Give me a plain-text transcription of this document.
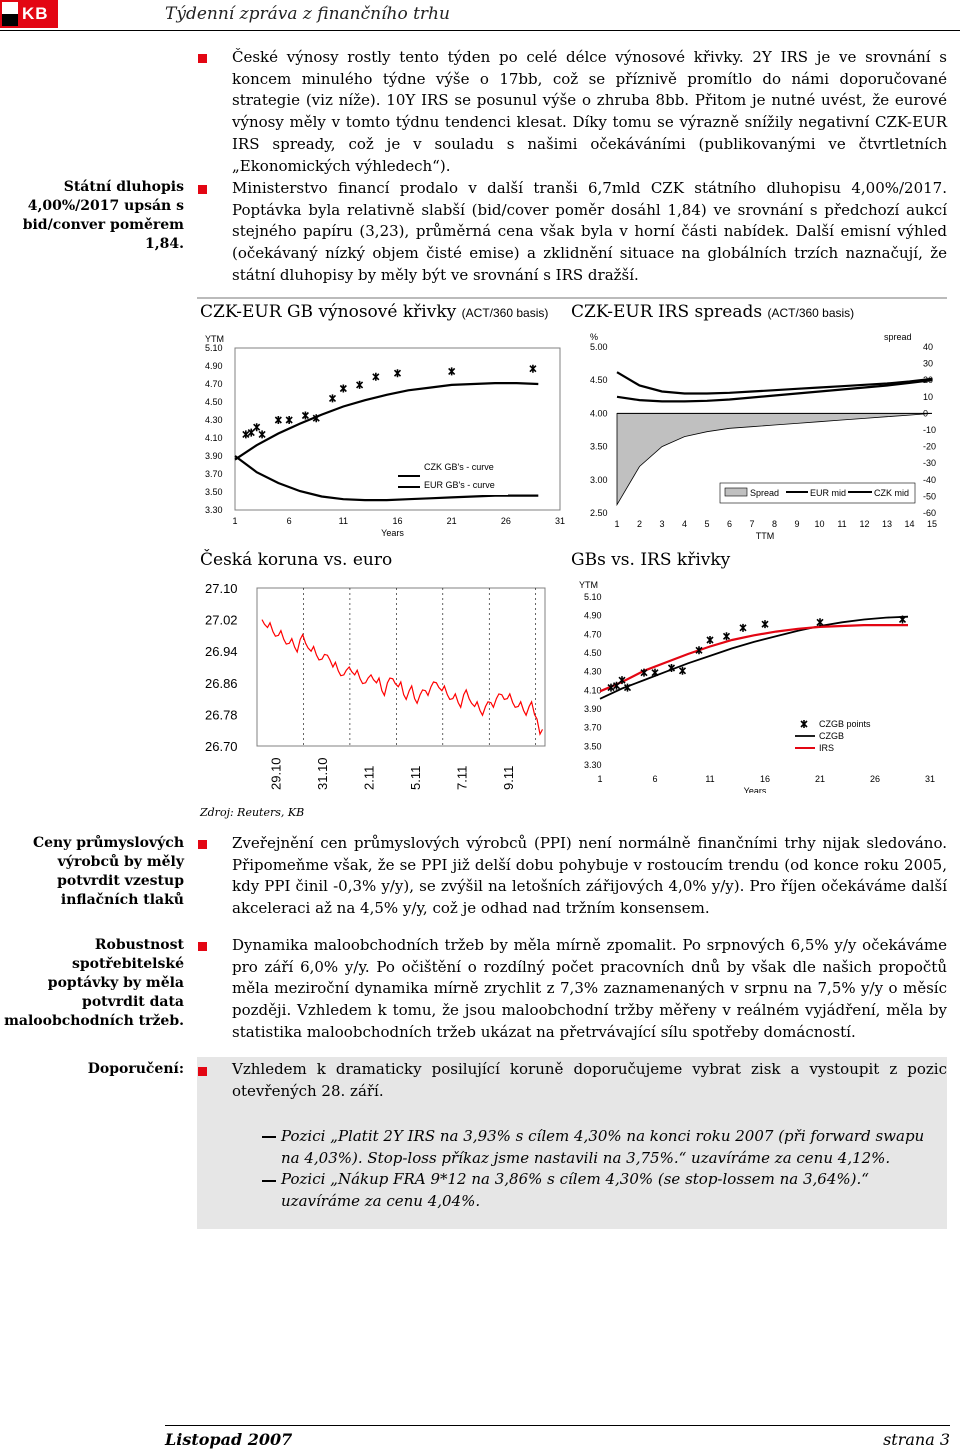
KB	Týdenní zpráva z finančního trhu
České výnosy rostly tento týden po celé délce výnosové křivky. 2Y IRS je ve srovnání s koncem minulého týdne výše o 17bb, což se příznivě promítlo do námi doporučované strategie (viz níže). 10Y IRS se posunul výše o zhruba 8bb. Přitom je nutné uvést, že eurové výnosy měly v tomto týdnu tendenci klesat. Díky tomu se výrazně snížily negativní CZK-EUR IRS spready, což je v souladu s našimi očekáváními (publikovanými ve čtvrtletních „Ekonomických výhledech“).
Státní dluhopis 4,00%/2017 upsán s bid/conver poměrem 1,84.
Ministerstvo financí prodalo v další tranši 6,7mld CZK státního dluhopisu 4,00%/2017. Poptávka byla relativně slabší (bid/cover poměr dosáhl 1,84) ve srovnání s předchozí aukcí stejného papíru (3,23), průměrná cena však byla v horní části nabídek. Další emisní výhled (očekávaný nízký objem čisté emise) a zklidnění situace na globálních trzích naznačují, že státní dluhopisy by měly být ve srovnání s IRS dražší.
CZK-EUR GB výnosové křivky (ACT/360 basis) CZK-EUR IRS spreads (ACT/360 basis)
YTM
5.10
4.90
4.70
4.50
4.30
4.10
3.90
3.70
3.50
3.30
1	6	11	16	21	26	31
Years
CZK GB's - curve
EUR GB's - curve
%	spread
5.00
4.50
4.00
3.50
3.00
2.50
40
30
20
10
-10
-20
-30
-40
-50
-60
1 2 3 4 5 6 7 8 9 10 11 12 13 14 15
TTM
Spread	EUR mid	CZK mid
Česká koruna vs. euro	GBs vs. IRS křivky
27.10
27.02
26.94
26.86
26.78
26.70
29.10 31.10 2.11 5.11 7.11 9.11
YTM
5.10
4.90
4.70
4.50
4.30
4.10
3.90
3.70
3.50
3.30
1	6	11	16	21	26	31
Years
CZGB points
CZGB
IRS
Zdroj: Reuters, KB
Ceny průmyslových výrobců by měly potvrdit vzestup inflačních tlaků
Zveřejnění cen průmyslových výrobců (PPI) není normálně finančními trhy nijak sledováno. Připomeňme však, že se PPI již delší dobu pohybuje v rostoucím trendu (od konce roku 2005, kdy PPI činil -0,3% y/y), se zvýšil na letošních zářijových 4,0% y/y). Pro říjen očekáváme další akceleraci až na 4,5% y/y, což je odhad nad tržním konsensem.
Robustnost spotřebitelské poptávky by měla potvrdit data maloobchodních tržeb.
Dynamika maloobchodních tržeb by měla mírně zpomalit. Po srpnových 6,5% y/y očekáváme pro září 6,0% y/y. Po očištění o rozdílný počet pracovních dnů by však dle našich propočtů měla meziroční dynamika mírně zrychlit z 7,3% zaznamenaných v srpnu na 7,5% y/y o měsíc později. Vzhledem k tomu, že jsou maloobchodní tržby měřeny v reálném vyjádření, měla by statistika maloobchodních tržeb ukázat na přetrvávající sílu spotřeby domácností.
Doporučení:	Vzhledem k dramaticky posilující koruně doporučujeme vybrat zisk a vystoupit z pozic otevřených 28. září.
Pozici „Platit 2Y IRS na 3,93% s cílem 4,30% na konci roku 2007 (při forward swapu na 4,03%). Stop-loss příkaz jsme nastavili na 3,75%.“ uzavíráme za cenu 4,12%.
Pozici „Nákup FRA 9*12 na 3,86% s cílem 4,30% (se stop-lossem na 3,64%).“ uzavíráme za cenu 4,04%.
Listopad 2007	strana 3
